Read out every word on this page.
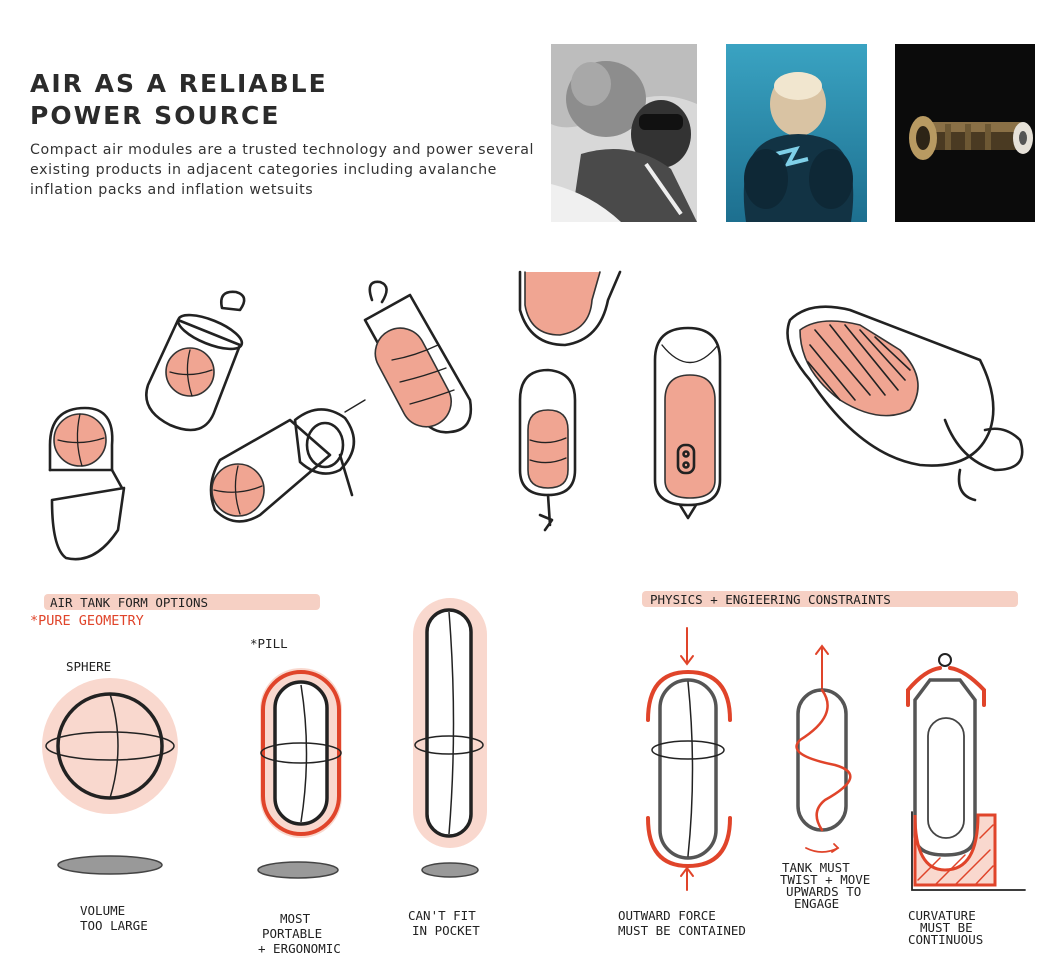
AIR AS A RELIABLE
POWER SOURCE

Compact air modules are a trusted technology and power several existing products in adjacent categories including avalanche inflation packs and inflation wetsuits

AIR TANK FORM OPTIONS
*PURE GEOMETRY
SPHERE
VOLUME
TOO LARGE
*PILL
MOST
PORTABLE
+ ERGONOMIC
CAN'T FIT
IN POCKET
PHYSICS + ENGIEERING CONSTRAINTS
OUTWARD FORCE
MUST BE CONTAINED
TANK MUST
TWIST + MOVE
UPWARDS TO
ENGAGE
CURVATURE
MUST BE
CONTINUOUS
